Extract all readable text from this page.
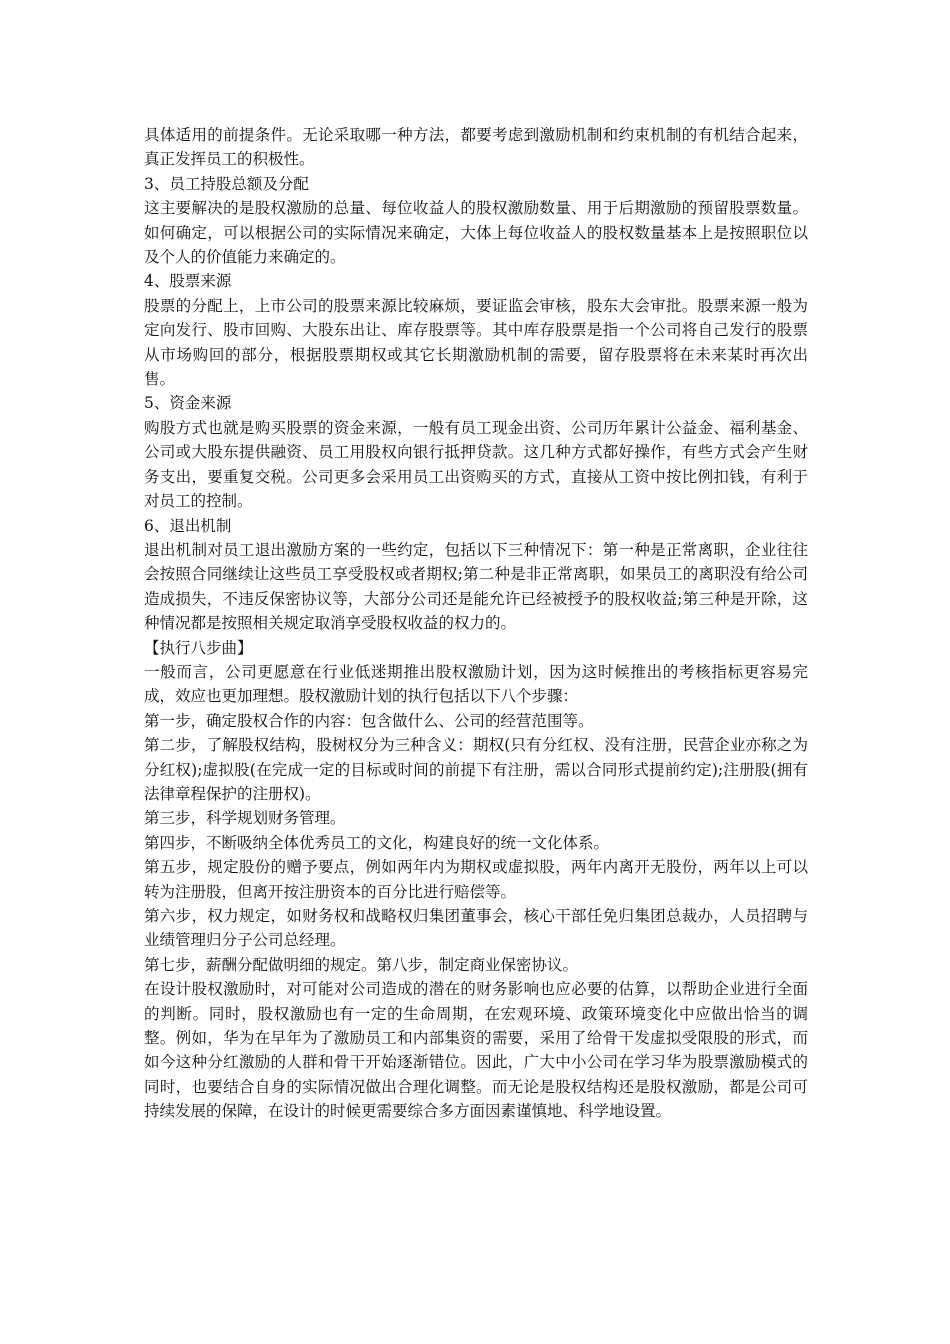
具体适用的前提条件。无论采取哪一种方法，都要考虑到激励机制和约束机制的有机结合起来，真正发挥员工的积极性。

3、员工持股总额及分配

这主要解决的是股权激励的总量、每位收益人的股权激励数量、用于后期激励的预留股票数量。如何确定，可以根据公司的实际情况来确定，大体上每位收益人的股权数量基本上是按照职位以及个人的价值能力来确定的。

4、股票来源

股票的分配上，上市公司的股票来源比较麻烦，要证监会审核，股东大会审批。股票来源一般为定向发行、股市回购、大股东出让、库存股票等。其中库存股票是指一个公司将自己发行的股票从市场购回的部分，根据股票期权或其它长期激励机制的需要，留存股票将在未来某时再次出售。

5、资金来源

购股方式也就是购买股票的资金来源，一般有员工现金出资、公司历年累计公益金、福利基金、公司或大股东提供融资、员工用股权向银行抵押贷款。这几种方式都好操作，有些方式会产生财务支出，要重复交税。公司更多会采用员工出资购买的方式，直接从工资中按比例扣钱，有利于对员工的控制。

6、退出机制

退出机制对员工退出激励方案的一些约定，包括以下三种情况下：第一种是正常离职，企业往往会按照合同继续让这些员工享受股权或者期权;第二种是非正常离职，如果员工的离职没有给公司造成损失，不违反保密协议等，大部分公司还是能允许已经被授予的股权收益;第三种是开除，这种情况都是按照相关规定取消享受股权收益的权力的。

【执行八步曲】

一般而言，公司更愿意在行业低迷期推出股权激励计划，因为这时候推出的考核指标更容易完成，效应也更加理想。股权激励计划的执行包括以下八个步骤：

第一步，确定股权合作的内容：包含做什么、公司的经营范围等。

第二步，了解股权结构，股树权分为三种含义：期权(只有分红权、没有注册，民营企业亦称之为分红权);虚拟股(在完成一定的目标或时间的前提下有注册，需以合同形式提前约定);注册股(拥有法律章程保护的注册权)。

第三步，科学规划财务管理。

第四步，不断吸纳全体优秀员工的文化，构建良好的统一文化体系。

第五步，规定股份的赠予要点，例如两年内为期权或虚拟股，两年内离开无股份，两年以上可以转为注册股，但离开按注册资本的百分比进行赔偿等。

第六步，权力规定，如财务权和战略权归集团董事会，核心干部任免归集团总裁办，人员招聘与业绩管理归分子公司总经理。

第七步，薪酬分配做明细的规定。第八步，制定商业保密协议。

在设计股权激励时，对可能对公司造成的潜在的财务影响也应必要的估算，以帮助企业进行全面的判断。同时，股权激励也有一定的生命周期，在宏观环境、政策环境变化中应做出恰当的调整。例如，华为在早年为了激励员工和内部集资的需要，采用了给骨干发虚拟受限股的形式，而如今这种分红激励的人群和骨干开始逐渐错位。因此，广大中小公司在学习华为股票激励模式的同时，也要结合自身的实际情况做出合理化调整。而无论是股权结构还是股权激励，都是公司可持续发展的保障，在设计的时候更需要综合多方面因素谨慎地、科学地设置。
